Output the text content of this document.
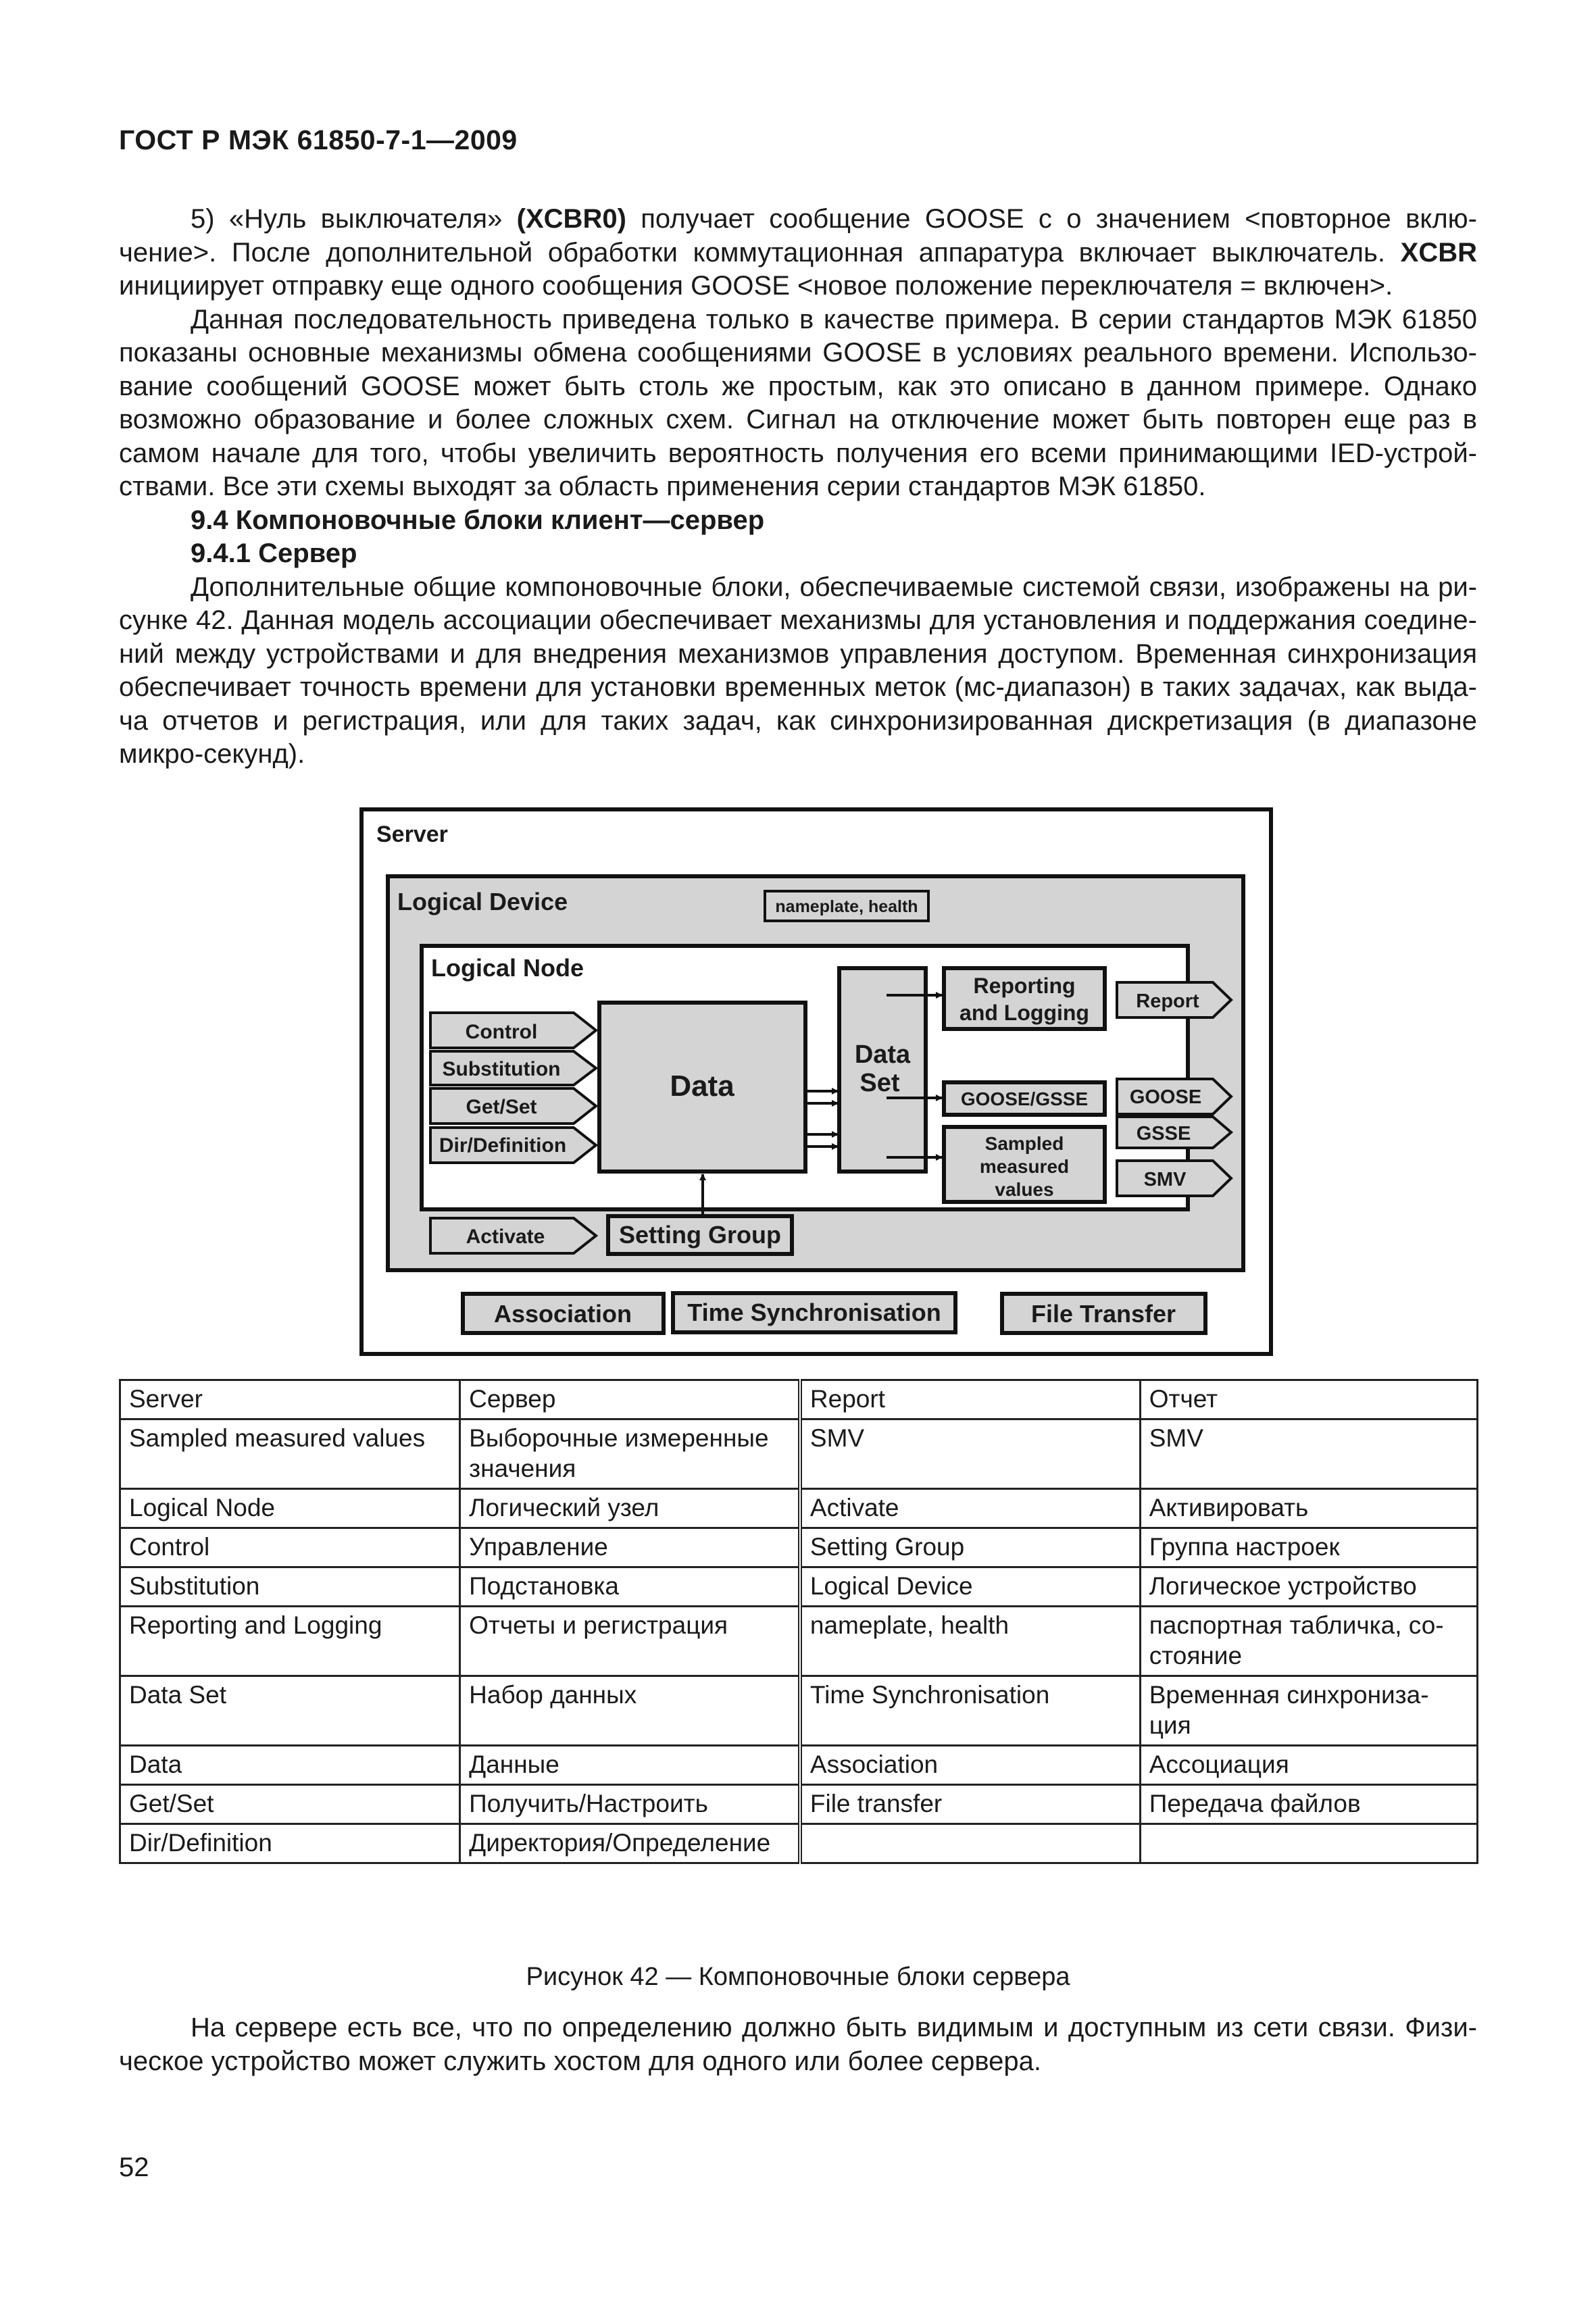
ГОСТ Р МЭК 61850-7-1—2009

5) «Нуль выключателя» (XCBR0) получает сообщение GOOSE с о значением <повторное вклю-чение>. После дополнительной обработки коммутационная аппаратура включает выключатель. XCBR инициирует отправку еще одного сообщения GOOSE <новое положение переключателя = включен>.

Данная последовательность приведена только в качестве примера. В серии стандартов МЭК 61850 показаны основные механизмы обмена сообщениями GOOSE в условиях реального времени. Использо-вание сообщений GOOSE может быть столь же простым, как это описано в данном примере. Однако возможно образование и более сложных схем. Сигнал на отключение может быть повторен еще раз в самом начале для того, чтобы увеличить вероятность получения его всеми принимающими IED-устрой-ствами. Все эти схемы выходят за область применения серии стандартов МЭК 61850.

9.4 Компоновочные блоки клиент—сервер

9.4.1 Сервер

Дополнительные общие компоновочные блоки, обеспечиваемые системой связи, изображены на ри-сунке 42. Данная модель ассоциации обеспечивает механизмы для установления и поддержания соедине-ний между устройствами и для внедрения механизмов управления доступом. Временная синхронизация обеспечивает точность времени для установки временных меток (мс-диапазон) в таких задачах, как выда-ча отчетов и регистрация, или для таких задач, как синхронизированная дискретизация (в диапазоне микро-секунд).

Server
Logical Device	nameplate, health
Logical Node
Control
Substitution
Get/Set
Dir/Definition
Data
Data
Set
Reporting
and Logging
GOOSE/GSSE
Sampled
measured
values
Report
GOOSE
GSSE
SMV
Activate	Setting Group
Association Time Synchronisation	File Transfer
Server	Сервер	Report	Отчет
Sampled measured values	Выборочные измеренные значения	SMV	SMV
Logical Node	Логический узел	Activate	Активировать
Control	Управление	Setting Group	Группа настроек
Substitution	Подстановка	Logical Device	Логическое устройство
Reporting and Logging	Отчеты и регистрация	nameplate, health	паспортная табличка, со-стояние
Data Set	Набор данных	Time Synchronisation	Временная синхрониза-ция
Data	Данные	Association	Ассоциация
Get/Set	Получить/Настроить	File transfer	Передача файлов
Dir/Definition	Директория/Определение		
Рисунок 42 — Компоновочные блоки сервера

На сервере есть все, что по определению должно быть видимым и доступным из сети связи. Физи-ческое устройство может служить хостом для одного или более сервера.

52
